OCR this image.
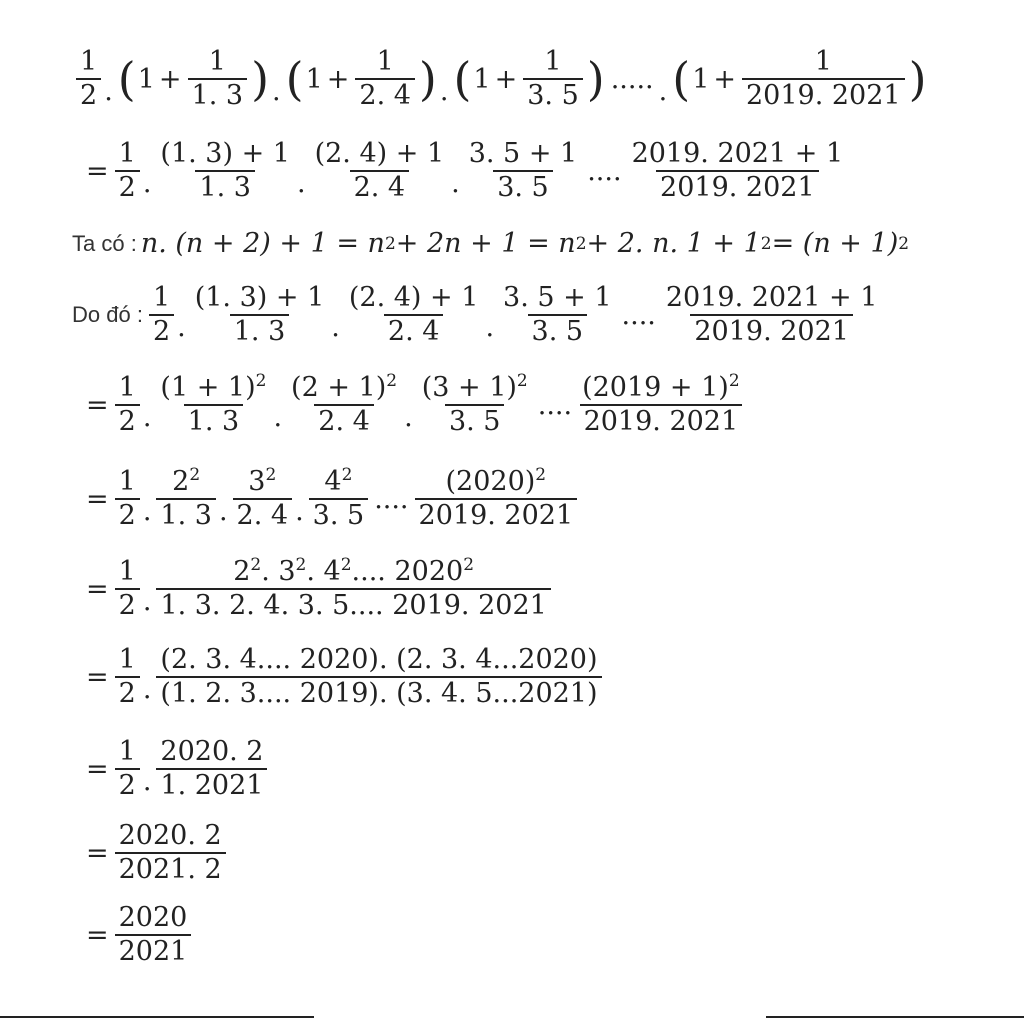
$\frac{1}{2}$ . ( $1 + \frac{1}{1. 3}$ ) . ( $1 + \frac{1}{2. 4}$ ) . ( $1 + \frac{1}{3. 5}$ ) ..... . ( $1 + \frac{1}{2019. 2021}$ )
= $\frac{1}{2}$ . $\frac{(1. 3) + 1}{1. 3}$ . $\frac{(2. 4) + 1}{2. 4}$ . $\frac{3. 5 + 1}{3. 5}$ .... $\frac{2019. 2021 + 1}{2019. 2021}$
Ta có : n. (n + 2) + 1 = n 2 + 2n + 1 = n 2 + 2. n. 1 + 1 2 = (n + 1) 2
Do đó : $\frac{1}{2}$ . $\frac{(1. 3) + 1}{1. 3}$ . $\frac{(2. 4) + 1}{2. 4}$ . $\frac{3. 5 + 1}{3. 5}$ .... $\frac{2019. 2021 + 1}{2019. 2021}$
= $\frac{1}{2}$ . $\frac{(1 + 1)^2}{1. 3}$ . $\frac{(2 + 1)^2}{2. 4}$ . $\frac{(3 + 1)^2}{3. 5}$ .... $\frac{(2019 + 1)^2}{2019. 2021}$
= $\frac{1}{2}$ . $\frac{2^2}{1. 3}$ . $\frac{3^2}{2. 4}$ . $\frac{4^2}{3. 5}$ .... $\frac{(2020)^2}{2019. 2021}$
= $\frac{1}{2}$ . $\frac{2^2. 3^2. 4^2.... 2020^2}{1. 3. 2. 4. 3. 5.... 2019. 2021}$
= $\frac{1}{2}$ . $\frac{(2. 3. 4.... 2020). (2. 3. 4...2020)}{(1. 2. 3.... 2019). (3. 4. 5...2021)}$
= $\frac{1}{2}$ . $\frac{2020. 2}{1. 2021}$
= $\frac{2020. 2}{2021. 2}$
= $\frac{2020}{2021}$
